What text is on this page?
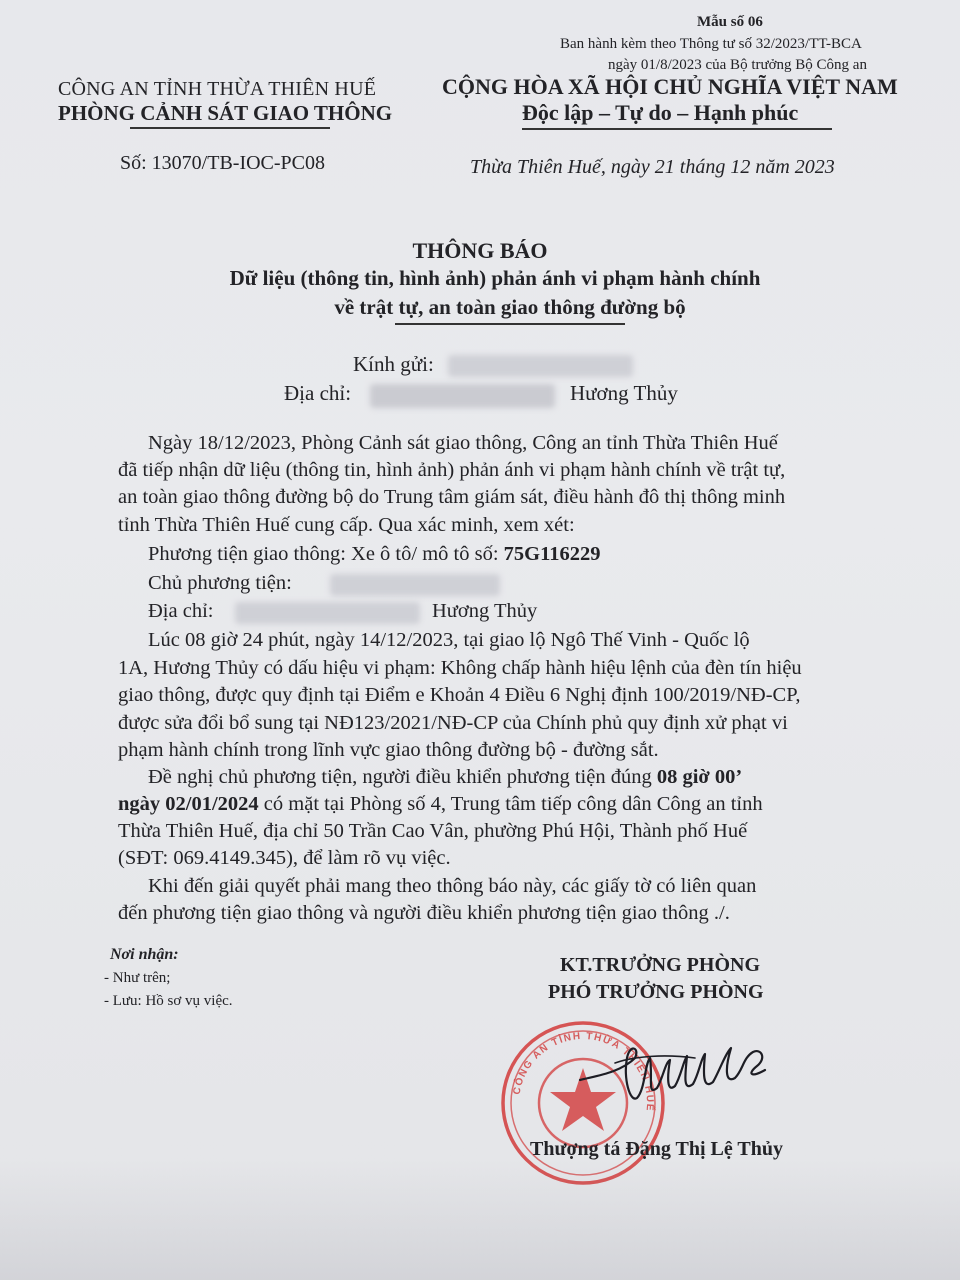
Mẫu số 06
Ban hành kèm theo Thông tư số 32/2023/TT-BCA
ngày 01/8/2023 của Bộ trưởng Bộ Công an
CÔNG AN TỈNH THỪA THIÊN HUẾ
PHÒNG CẢNH SÁT GIAO THÔNG
CỘNG HÒA XÃ HỘI CHỦ NGHĨA VIỆT NAM
Độc lập – Tự do – Hạnh phúc
Số: 13070/TB-IOC-PC08	Thừa Thiên Huế, ngày 21 tháng 12 năm 2023
THÔNG BÁO
Dữ liệu (thông tin, hình ảnh) phản ánh vi phạm hành chính
về trật tự, an toàn giao thông đường bộ
Kính gửi:
Địa chỉ:	Hương Thủy
Ngày 18/12/2023, Phòng Cảnh sát giao thông, Công an tỉnh Thừa Thiên Huế
đã tiếp nhận dữ liệu (thông tin, hình ảnh) phản ánh vi phạm hành chính về trật tự,
an toàn giao thông đường bộ do Trung tâm giám sát, điều hành đô thị thông minh
tỉnh Thừa Thiên Huế cung cấp. Qua xác minh, xem xét:
Phương tiện giao thông: Xe ô tô/ mô tô số: 75G116229
Chủ phương tiện:
Địa chỉ:	Hương Thủy
Lúc 08 giờ 24 phút, ngày 14/12/2023, tại giao lộ Ngô Thế Vinh - Quốc lộ
1A, Hương Thủy có dấu hiệu vi phạm: Không chấp hành hiệu lệnh của đèn tín hiệu
giao thông, được quy định tại Điểm e Khoản 4 Điều 6 Nghị định 100/2019/NĐ-CP,
được sửa đổi bổ sung tại NĐ123/2021/NĐ-CP của Chính phủ quy định xử phạt vi
phạm hành chính trong lĩnh vực giao thông đường bộ - đường sắt.
Đề nghị chủ phương tiện, người điều khiển phương tiện đúng 08 giờ 00’
ngày 02/01/2024 có mặt tại Phòng số 4, Trung tâm tiếp công dân Công an tỉnh
Thừa Thiên Huế, địa chỉ 50 Trần Cao Vân, phường Phú Hội, Thành phố Huế
(SĐT: 069.4149.345), để làm rõ vụ việc.
Khi đến giải quyết phải mang theo thông báo này, các giấy tờ có liên quan
đến phương tiện giao thông và người điều khiển phương tiện giao thông ./.
Nơi nhận:
- Như trên;
- Lưu: Hồ sơ vụ việc.
KT.TRƯỞNG PHÒNG
PHÓ TRƯỞNG PHÒNG
CÔNG AN TỈNH THỪA THIÊN HUẾ
Thượng tá Đặng Thị Lệ Thủy
